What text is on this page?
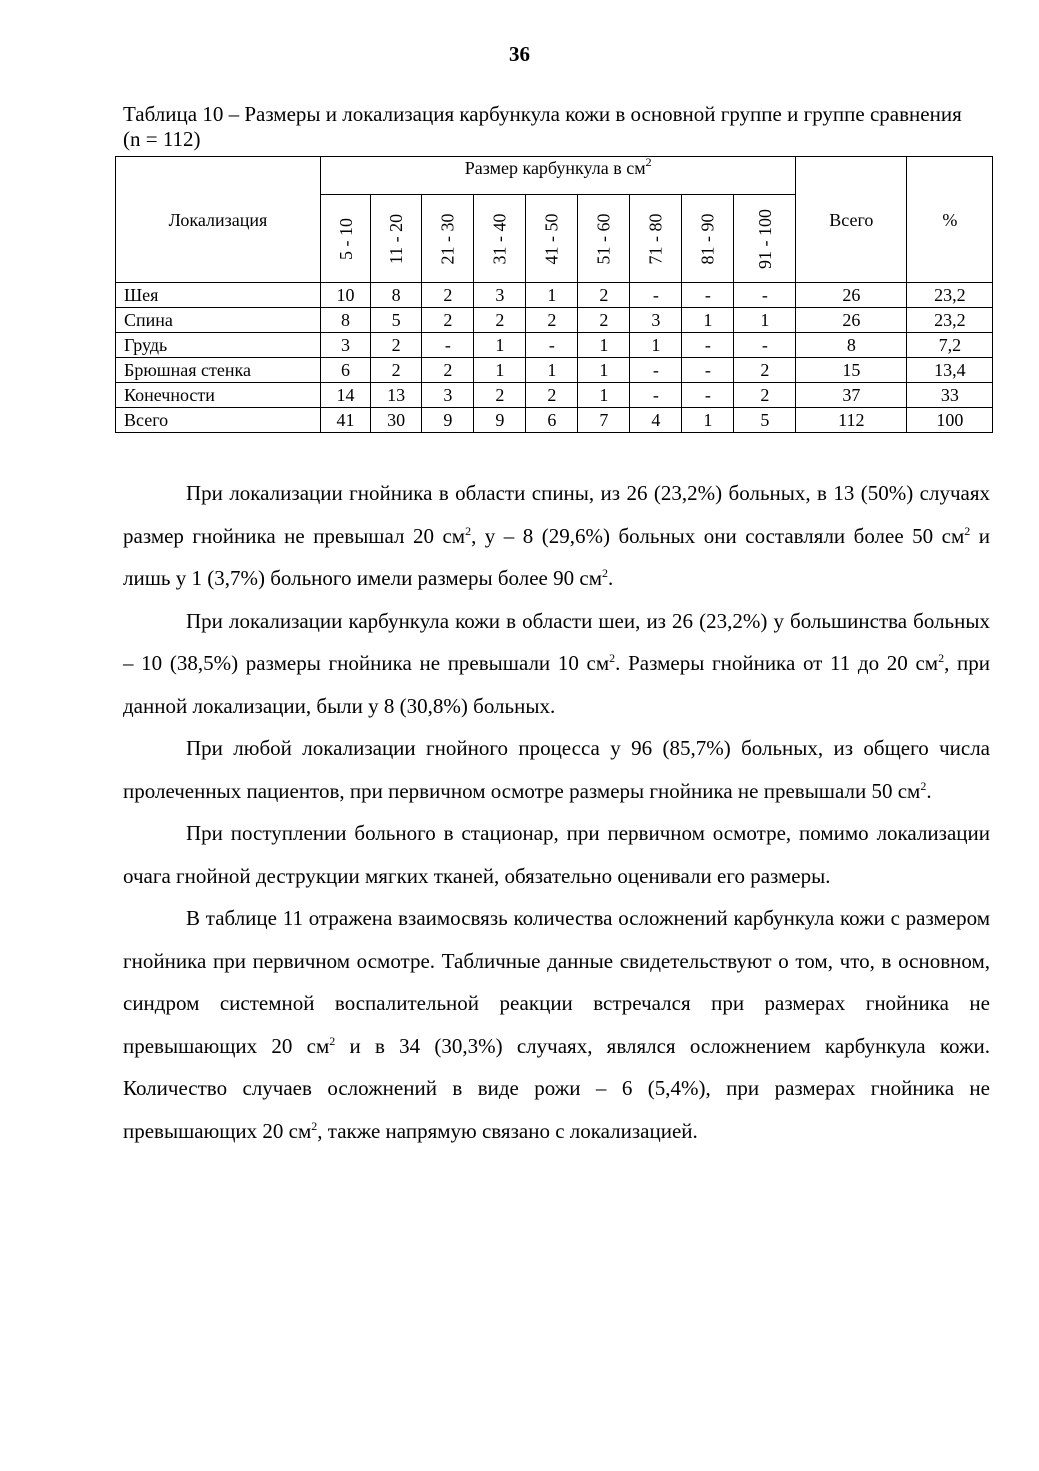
36
Таблица 10 – Размеры и локализация карбункула кожи в основной группе и группе сравнения (n = 112)
Локализация	Размер карбункула в $см^2$									Всего	%
	5 - 10	11 - 20	21 - 30	31 - 40	41 - 50	51 - 60	71 - 80	81 - 90	91 - 100		
Шея	10	8	2	3	1	2	-	-	-	26	23,2
Спина	8	5	2	2	2	2	3	1	1	26	23,2
Грудь	3	2	-	1	-	1	1	-	-	8	7,2
Брюшная стенка	6	2	2	1	1	1	-	-	2	15	13,4
Конечности	14	13	3	2	2	1	-	-	2	37	33
Всего	41	30	9	9	6	7	4	1	5	112	100

При локализации гнойника в области спины, из 26 (23,2%) больных, в 13 (50%) случаях размер гнойника не превышал 20 $см^2$, у – 8 (29,6%) больных они составляли более 50 $см^2$ и лишь у 1 (3,7%) больного имели размеры более 90 $см^2$.

При локализации карбункула кожи в области шеи, из 26 (23,2%) у большинства больных – 10 (38,5%) размеры гнойника не превышали 10 $см^2$. Размеры гнойника от 11 до 20 $см^2$, при данной локализации, были у 8 (30,8%) больных.

При любой локализации гнойного процесса у 96 (85,7%) больных, из общего числа пролеченных пациентов, при первичном осмотре размеры гнойника не превышали 50 $см^2$.

При поступлении больного в стационар, при первичном осмотре, помимо локализации очага гнойной деструкции мягких тканей, обязательно оценивали его размеры.

В таблице 11 отражена взаимосвязь количества осложнений карбункула кожи с размером гнойника при первичном осмотре. Табличные данные свидетельствуют о том, что, в основном, синдром системной воспалительной реакции встречался при размерах гнойника не превышающих 20 $см^2$ и в 34 (30,3%) случаях, являлся осложнением карбункула кожи. Количество случаев осложнений в виде рожи – 6 (5,4%), при размерах гнойника не превышающих 20 $см^2$, также напрямую связано с локализацией.
